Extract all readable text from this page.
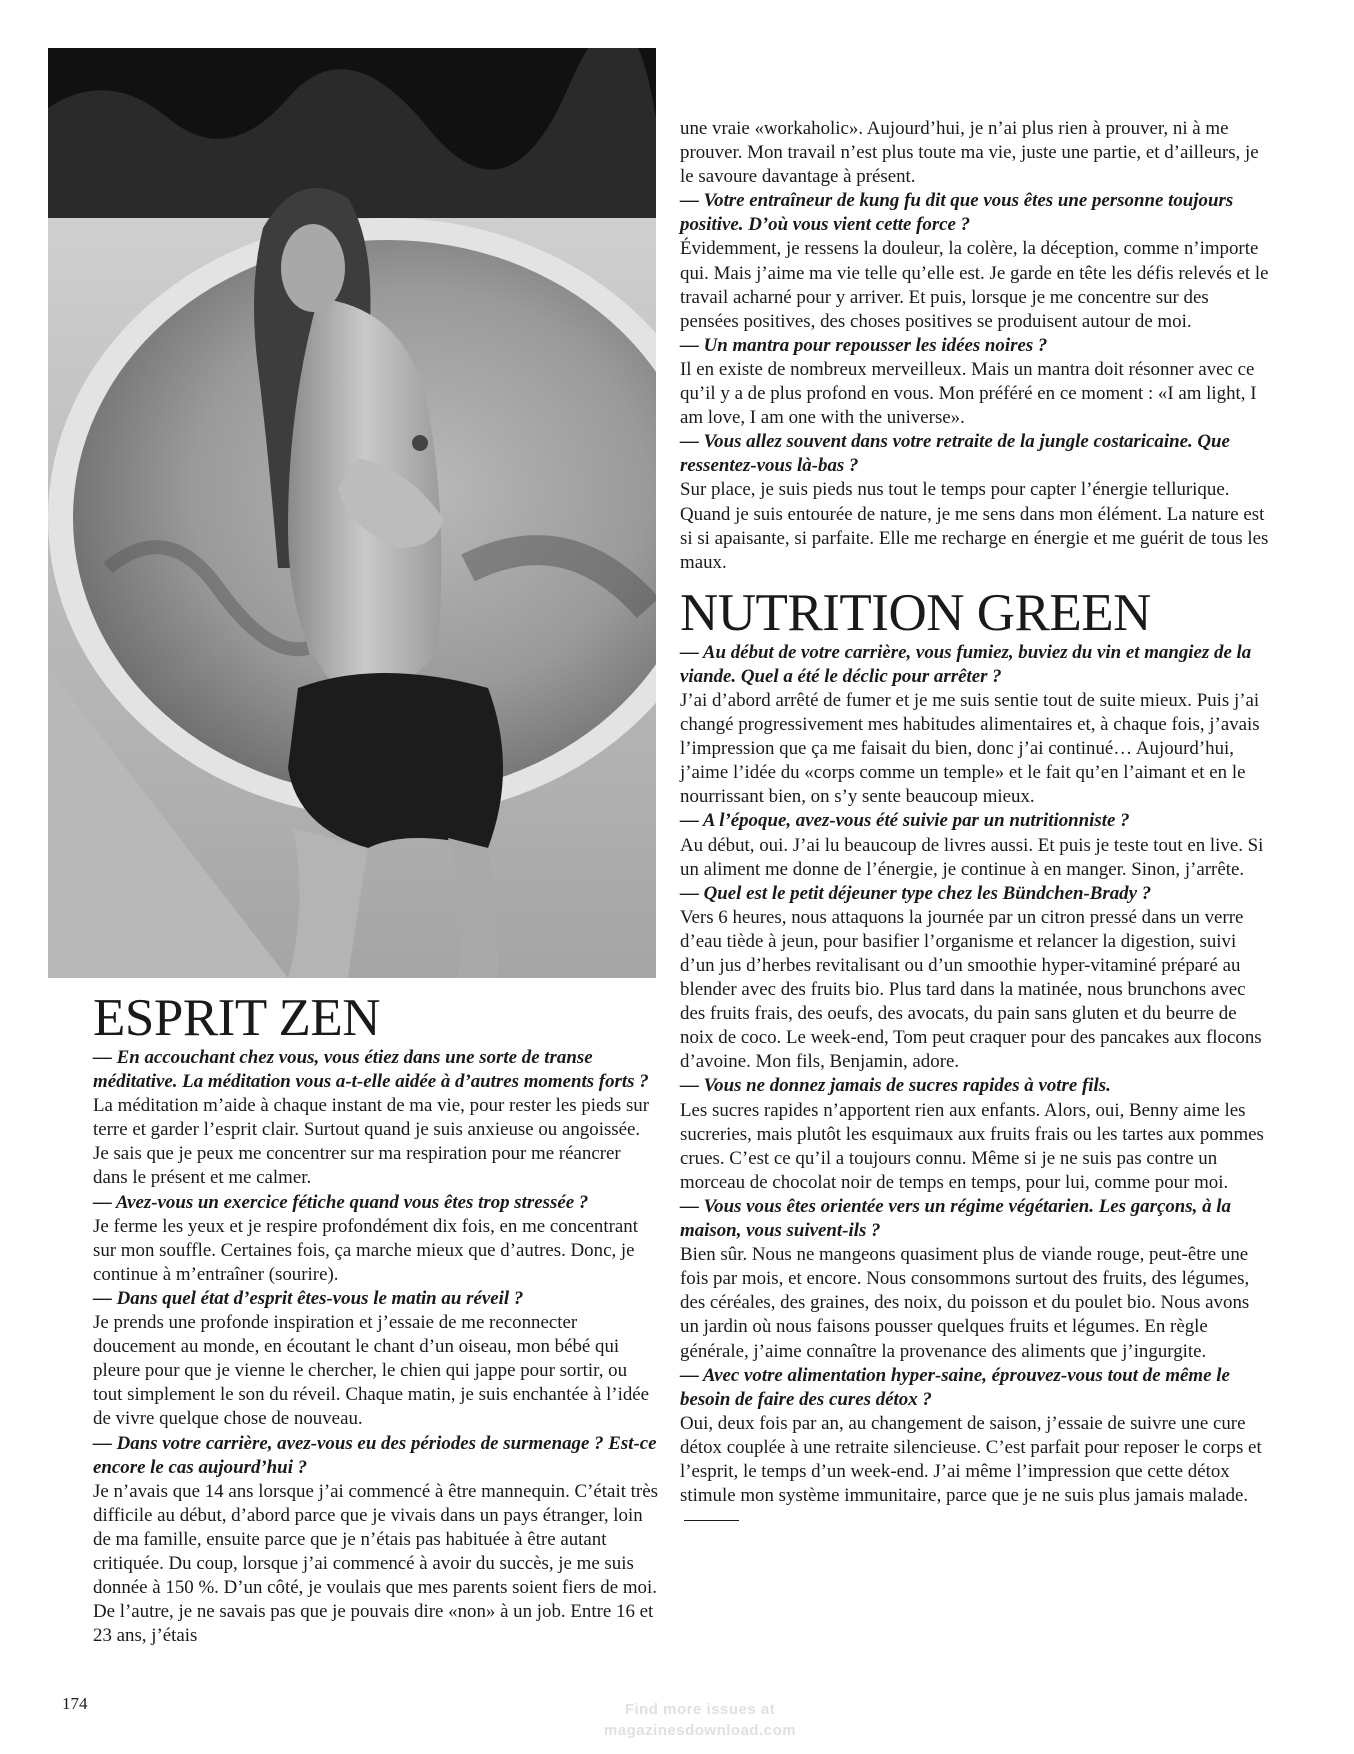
ESPRIT ZEN

— En accouchant chez vous, vous étiez dans une sorte de transe méditative. La méditation vous a-t-elle aidée à d’autres moments forts ?

La méditation m’aide à chaque instant de ma vie, pour rester les pieds sur terre et garder l’esprit clair. Surtout quand je suis anxieuse ou angoissée. Je sais que je peux me concentrer sur ma respiration pour me réancrer dans le présent et me calmer.

— Avez-vous un exercice fétiche quand vous êtes trop stressée ?

Je ferme les yeux et je respire profondément dix fois, en me concentrant sur mon souffle. Certaines fois, ça marche mieux que d’autres. Donc, je continue à m’entraîner (sourire).

— Dans quel état d’esprit êtes-vous le matin au réveil ?

Je prends une profonde inspiration et j’essaie de me reconnecter doucement au monde, en écoutant le chant d’un oiseau, mon bébé qui pleure pour que je vienne le chercher, le chien qui jappe pour sortir, ou tout simplement le son du réveil. Chaque matin, je suis enchantée à l’idée de vivre quelque chose de nouveau.

— Dans votre carrière, avez-vous eu des périodes de surmenage ? Est-ce encore le cas aujourd’hui ?

Je n’avais que 14 ans lorsque j’ai commencé à être mannequin. C’était très difficile au début, d’abord parce que je vivais dans un pays étranger, loin de ma famille, ensuite parce que je n’étais pas habituée à être autant critiquée. Du coup, lorsque j’ai commencé à avoir du succès, je me suis donnée à 150 %. D’un côté, je voulais que mes parents soient fiers de moi. De l’autre, je ne savais pas que je pouvais dire «non» à un job. Entre 16 et 23 ans, j’étais

une vraie «workaholic». Aujourd’hui, je n’ai plus rien à prouver, ni à me prouver. Mon travail n’est plus toute ma vie, juste une partie, et d’ailleurs, je le savoure davantage à présent.

— Votre entraîneur de kung fu dit que vous êtes une personne toujours positive. D’où vous vient cette force ?

Évidemment, je ressens la douleur, la colère, la déception, comme n’importe qui. Mais j’aime ma vie telle qu’elle est. Je garde en tête les défis relevés et le travail acharné pour y arriver. Et puis, lorsque je me concentre sur des pensées positives, des choses positives se produisent autour de moi.

— Un mantra pour repousser les idées noires ?

Il en existe de nombreux merveilleux. Mais un mantra doit résonner avec ce qu’il y a de plus profond en vous. Mon préféré en ce moment : «I am light, I am love, I am one with the universe».

— Vous allez souvent dans votre retraite de la jungle costaricaine. Que ressentez-vous là-bas ?

Sur place, je suis pieds nus tout le temps pour capter l’énergie tellurique. Quand je suis entourée de nature, je me sens dans mon élément. La nature est si si apaisante, si parfaite. Elle me recharge en énergie et me guérit de tous les maux.

NUTRITION GREEN

— Au début de votre carrière, vous fumiez, buviez du vin et mangiez de la viande. Quel a été le déclic pour arrêter ?

J’ai d’abord arrêté de fumer et je me suis sentie tout de suite mieux. Puis j’ai changé progressivement mes habitudes alimentaires et, à chaque fois, j’avais l’impression que ça me faisait du bien, donc j’ai continué… Aujourd’hui, j’aime l’idée du «corps comme un temple» et le fait qu’en l’aimant et en le nourrissant bien, on s’y sente beaucoup mieux.

— A l’époque, avez-vous été suivie par un nutritionniste ?

Au début, oui. J’ai lu beaucoup de livres aussi. Et puis je teste tout en live. Si un aliment me donne de l’énergie, je continue à en manger. Sinon, j’arrête.

— Quel est le petit déjeuner type chez les Bündchen-Brady ?

Vers 6 heures, nous attaquons la journée par un citron pressé dans un verre d’eau tiède à jeun, pour basifier l’organisme et relancer la digestion, suivi d’un jus d’herbes revitalisant ou d’un smoothie hyper-vitaminé préparé au blender avec des fruits bio. Plus tard dans la matinée, nous brunchons avec des fruits frais, des oeufs, des avocats, du pain sans gluten et du beurre de noix de coco. Le week-end, Tom peut craquer pour des pancakes aux flocons d’avoine. Mon fils, Benjamin, adore.

— Vous ne donnez jamais de sucres rapides à votre fils.

Les sucres rapides n’apportent rien aux enfants. Alors, oui, Benny aime les sucreries, mais plutôt les esquimaux aux fruits frais ou les tartes aux pommes crues. C’est ce qu’il a toujours connu. Même si je ne suis pas contre un morceau de chocolat noir de temps en temps, pour lui, comme pour moi.

— Vous vous êtes orientée vers un régime végétarien. Les garçons, à la maison, vous suivent-ils ?

Bien sûr. Nous ne mangeons quasiment plus de viande rouge, peut-être une fois par mois, et encore. Nous consommons surtout des fruits, des légumes, des céréales, des graines, des noix, du poisson et du poulet bio. Nous avons un jardin où nous faisons pousser quelques fruits et légumes. En règle générale, j’aime connaître la provenance des aliments que j’ingurgite.

— Avec votre alimentation hyper-saine, éprouvez-vous tout de même le besoin de faire des cures détox ?

Oui, deux fois par an, au changement de saison, j’essaie de suivre une cure détox couplée à une retraite silencieuse. C’est parfait pour reposer le corps et l’esprit, le temps d’un week-end. J’ai même l’impression que cette détox stimule mon système immunitaire, parce que je ne suis plus jamais malade.

174	Find more issues at
magazinesdownload.com
